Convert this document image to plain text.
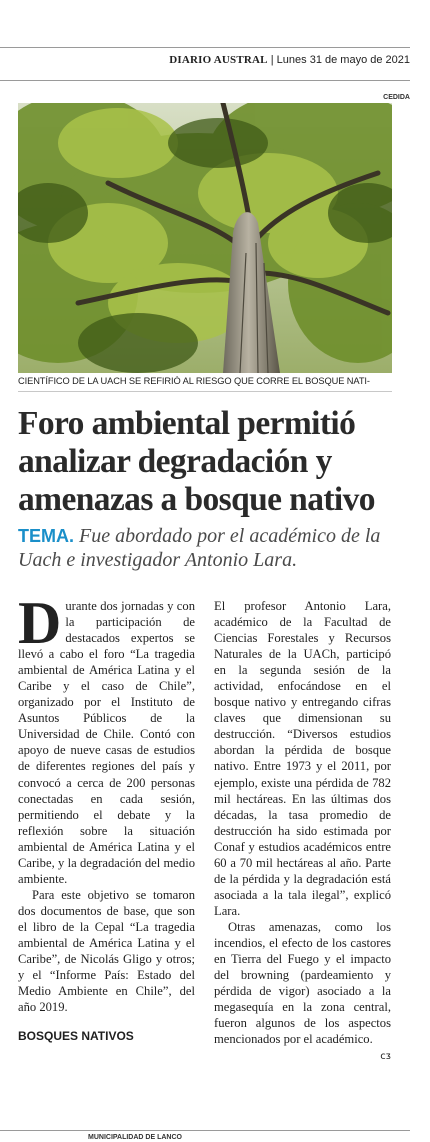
DIARIO AUSTRAL | Lunes 31 de mayo de 2021
CEDIDA
CIENTÍFICO DE LA UACH SE REFIRIÓ AL RIESGO QUE CORRE EL BOSQUE NATI-
Foro ambiental permitió analizar degradación y amenazas a bosque nativo
TEMA. Fue abordado por el académico de la Uach e investigador Antonio Lara.

Durante dos jornadas y con la participación de destacados expertos se llevó a cabo el foro “La tragedia ambiental de América Latina y el Caribe y el caso de Chile”, organizado por el Instituto de Asuntos Públicos de la Universidad de Chile. Contó con apoyo de nueve casas de estudios de diferentes regiones del país y convocó a cerca de 200 personas conectadas en cada sesión, permitiendo el debate y la reflexión sobre la situación ambiental de América Latina y el Caribe, y la degradación del medio ambiente.

Para este objetivo se tomaron dos documentos de base, que son el libro de la Cepal “La tragedia ambiental de América Latina y el Caribe”, de Nicolás Gligo y otros; y el “Informe País: Estado del Medio Ambiente en Chile”, del año 2019.

BOSQUES NATIVOS

El profesor Antonio Lara, académico de la Facultad de Ciencias Forestales y Recursos Naturales de la UACh, participó en la segunda sesión de la actividad, enfocándose en el bosque nativo y entregando cifras claves que dimensionan su destrucción. “Diversos estudios abordan la pérdida de bosque nativo. Entre 1973 y el 2011, por ejemplo, existe una pérdida de 782 mil hectáreas. En las últimas dos décadas, la tasa promedio de destrucción ha sido estimada por Conaf y estudios académicos entre 60 a 70 mil hectáreas al año. Parte de la pérdida y la degradación está asociada a la tala ilegal”, explicó Lara.

Otras amenazas, como los incendios, el efecto de los castores en Tierra del Fuego y el impacto del browning (pardeamiento y pérdida de vigor) asociado a la megasequía en la zona central, fueron algunos de los aspectos mencionados por el académico.
ᴄᴣ

MUNICIPALIDAD DE LANCO
